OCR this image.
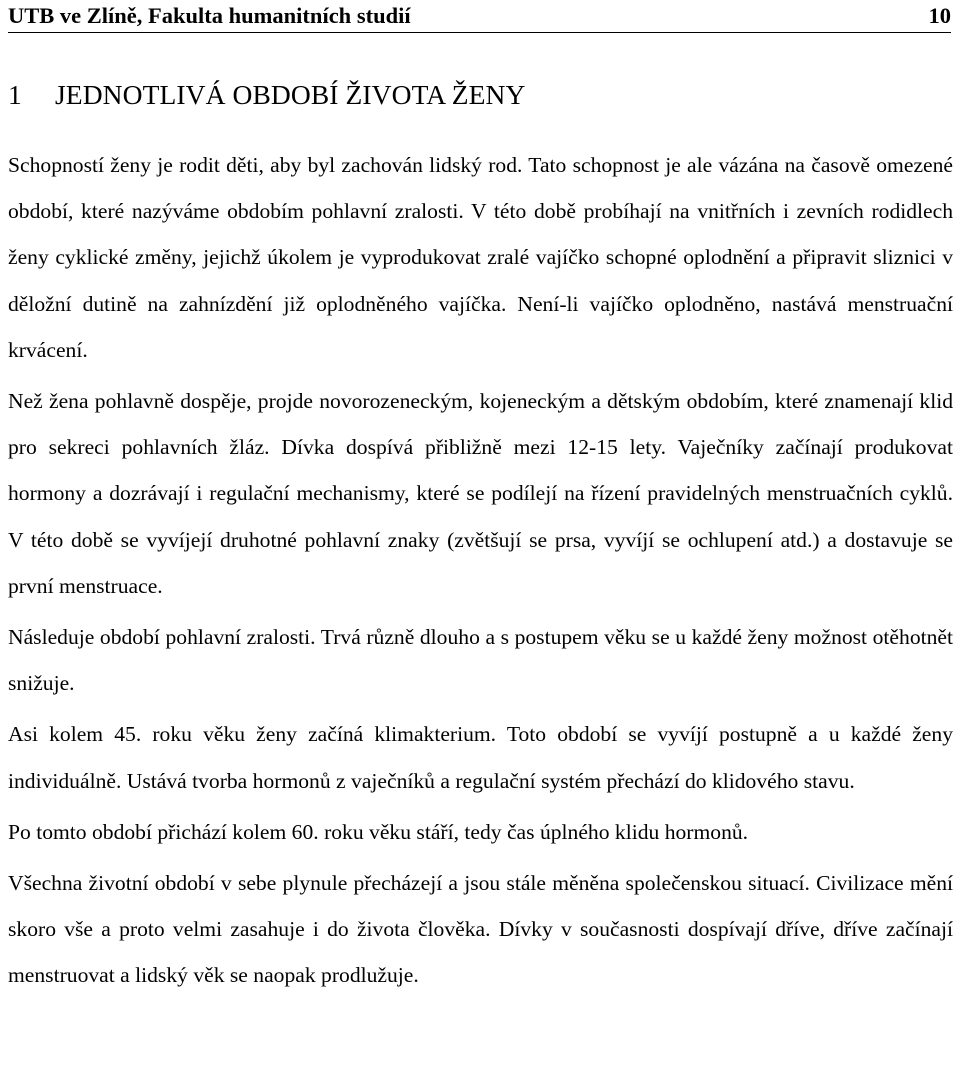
UTB ve Zlíně, Fakulta humanitních studií	10
1 JEDNOTLIVÁ OBDOBÍ ŽIVOTA ŽENY

Schopností ženy je rodit děti, aby byl zachován lidský rod. Tato schopnost je ale vázána na časově omezené období, které nazýváme obdobím pohlavní zralosti. V této době probíhají na vnitřních i zevních rodidlech ženy cyklické změny, jejichž úkolem je vyprodukovat zralé vajíčko schopné oplodnění a připravit sliznici v děložní dutině na zahnízdění již oplodněného vajíčka. Není-li vajíčko oplodněno, nastává menstruační krvácení.

Než žena pohlavně dospěje, projde novorozeneckým, kojeneckým a dětským obdobím, které znamenají klid pro sekreci pohlavních žláz. Dívka dospívá přibližně mezi 12-15 lety. Vaječníky začínají produkovat hormony a dozrávají i regulační mechanismy, které se podílejí na řízení pravidelných menstruačních cyklů. V této době se vyvíjejí druhotné pohlavní znaky (zvětšují se prsa, vyvíjí se ochlupení atd.) a dostavuje se první menstruace.

Následuje období pohlavní zralosti. Trvá různě dlouho a s postupem věku se u každé ženy možnost otěhotnět snižuje.

Asi kolem 45. roku věku ženy začíná klimakterium. Toto období se vyvíjí postupně a u každé ženy individuálně. Ustává tvorba hormonů z vaječníků a regulační systém přechází do klidového stavu.

Po tomto období přichází kolem 60. roku věku stáří, tedy čas úplného klidu hormonů.

Všechna životní období v sebe plynule přecházejí a jsou stále měněna společenskou situací. Civilizace mění skoro vše a proto velmi zasahuje i do života člověka. Dívky v současnosti dospívají dříve, dříve začínají menstruovat a lidský věk se naopak prodlužuje.
